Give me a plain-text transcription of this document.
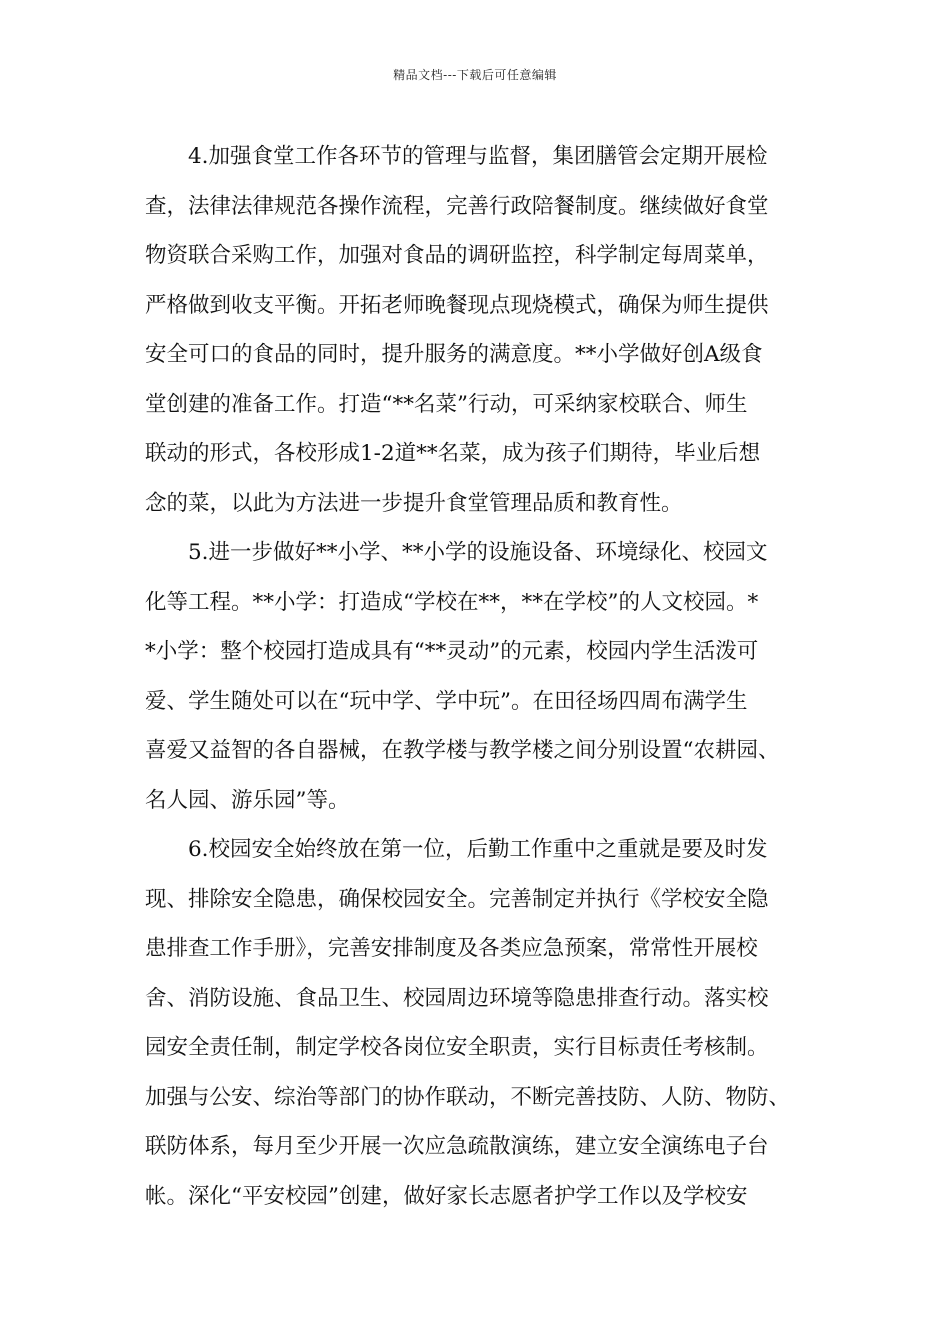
精品文档---下载后可任意编辑
4.加强食堂工作各环节的管理与监督，集团膳管会定期开展检
查，法律法律规范各操作流程，完善行政陪餐制度。继续做好食堂
物资联合采购工作，加强对食品的调研监控，科学制定每周菜单，
严格做到收支平衡。开拓老师晚餐现点现烧模式，确保为师生提供
安全可口的食品的同时，提升服务的满意度。**小学做好创A级食
堂创建的准备工作。打造“**名菜”行动，可采纳家校联合、师生
联动的形式，各校形成1-2道**名菜，成为孩子们期待，毕业后想
念的菜，以此为方法进一步提升食堂管理品质和教育性。
5.进一步做好**小学、**小学的设施设备、环境绿化、校园文
化等工程。**小学：打造成“学校在**，**在学校”的人文校园。*
*小学：整个校园打造成具有“**灵动”的元素，校园内学生活泼可
爱、学生随处可以在“玩中学、学中玩”。在田径场四周布满学生
喜爱又益智的各自器械，在教学楼与教学楼之间分别设置“农耕园、
名人园、游乐园”等。
6.校园安全始终放在第一位，后勤工作重中之重就是要及时发
现、排除安全隐患，确保校园安全。完善制定并执行《学校安全隐
患排查工作手册》，完善安排制度及各类应急预案，常常性开展校
舍、消防设施、食品卫生、校园周边环境等隐患排查行动。落实校
园安全责任制，制定学校各岗位安全职责，实行目标责任考核制。
加强与公安、综治等部门的协作联动，不断完善技防、人防、物防、
联防体系，每月至少开展一次应急疏散演练，建立安全演练电子台
帐。深化“平安校园”创建，做好家长志愿者护学工作以及学校安
